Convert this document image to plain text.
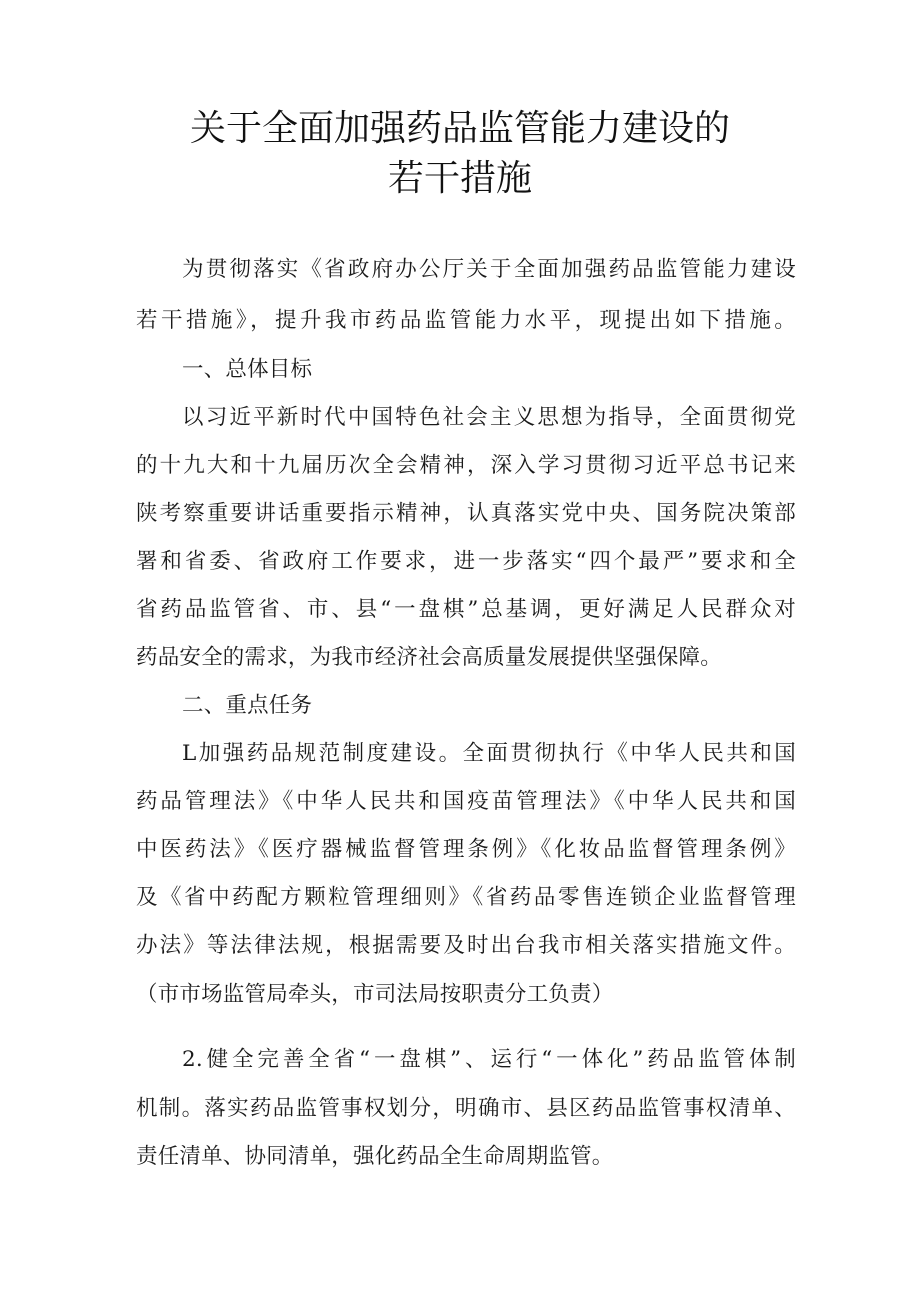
关于全面加强药品监管能力建设的
若干措施
为贯彻落实《省政府办公厅关于全面加强药品监管能力建设
若干措施》，提升我市药品监管能力水平，现提出如下措施。
一、总体目标
以习近平新时代中国特色社会主义思想为指导，全面贯彻党
的十九大和十九届历次全会精神，深入学习贯彻习近平总书记来
陕考察重要讲话重要指示精神，认真落实党中央、国务院决策部
署和省委、省政府工作要求，进一步落实“四个最严”要求和全
省药品监管省、市、县“一盘棋”总基调，更好满足人民群众对
药品安全的需求，为我市经济社会高质量发展提供坚强保障。
二、重点任务
L加强药品规范制度建设。全面贯彻执行《中华人民共和国
药品管理法》《中华人民共和国疫苗管理法》《中华人民共和国
中医药法》《医疗器械监督管理条例》《化妆品监督管理条例》
及《省中药配方颗粒管理细则》《省药品零售连锁企业监督管理
办法》等法律法规，根据需要及时出台我市相关落实措施文件。
（市市场监管局牵头，市司法局按职责分工负责）
2.健全完善全省“一盘棋”、运行“一体化”药品监管体制
机制。落实药品监管事权划分，明确市、县区药品监管事权清单、
责任清单、协同清单，强化药品全生命周期监管。
